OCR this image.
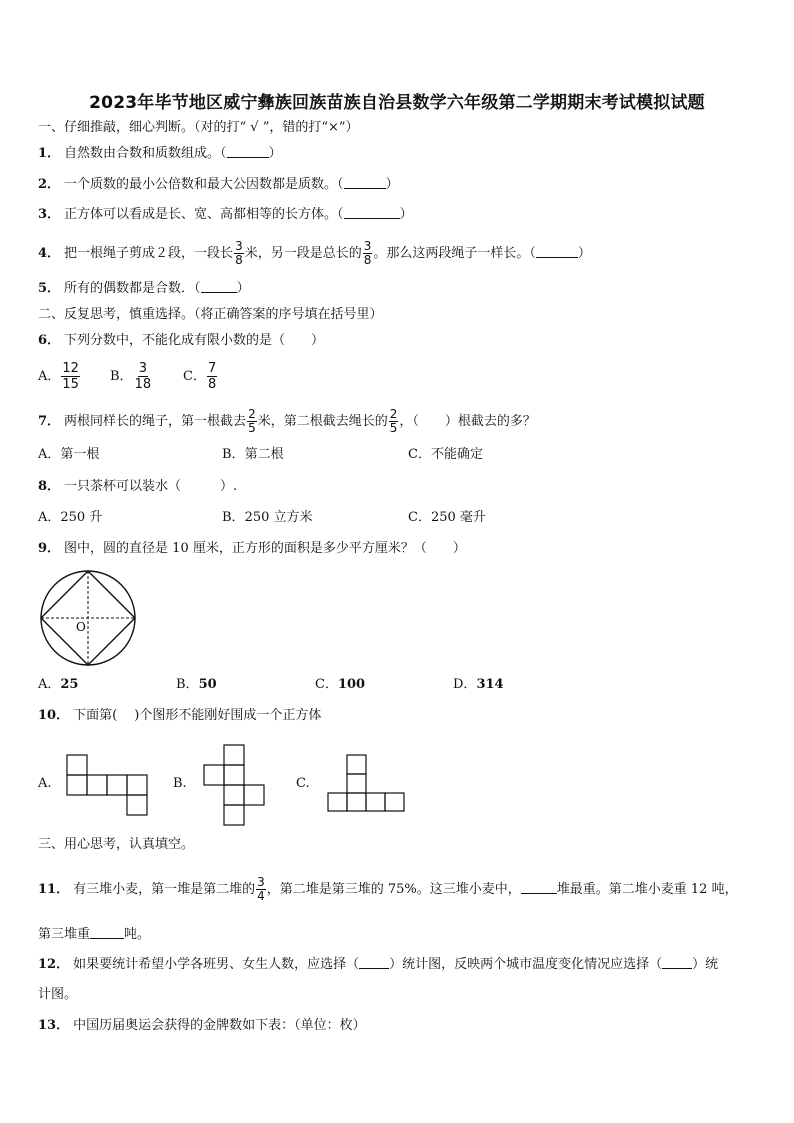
2023年毕节地区威宁彝族回族苗族自治县数学六年级第二学期期末考试模拟试题
一、仔细推敲，细心判断。（对的打“ √ ”，错的打“×”）
1． 自然数由合数和质数组成。（	）
2． 一个质数的最小公倍数和最大公因数都是质数。（	）
3． 正方体可以看成是长、宽、高都相等的长方体。（	）
4． 把一根绳子剪成２段，一段长 $\frac{3}{8}$ 米，另一段是总长的 $\frac{3}{8}$ 。那么这两段绳子一样长。（	）
5． 所有的偶数都是合数．（	）
二、反复思考，慎重选择。（将正确答案的序号填在括号里）
6． 下列分数中，不能化成有限小数的是（　　）
A． $\frac{12}{15}$ B． $\frac{3}{18}$ C． $\frac{7}{8}$
7． 两根同样长的绳子，第一根截去 $\frac{2}{5}$ 米，第二根截去绳长的 $\frac{2}{5}$ ，（　　）根截去的多？
A．第一根	B．第二根	C．不能确定
8． 一只茶杯可以装水（　　　）.
A．250 升	B．250 立方米	C．250 毫升
9． 图中，圆的直径是 10 厘米，正方形的面积是多少平方厘米？（　　）
O
A．25	B．50	C．100	D．314
10． 下面第(　 )个图形不能刚好围成一个正方体
A.	B.	C.
三、用心思考，认真填空。
11． 有三堆小麦，第一堆是第二堆的 $\frac{3}{4}$ ，第二堆是第三堆的 75%。这三堆小麦中，	堆最重。第二堆小麦重 12 吨，
第三堆重	吨。
12． 如果要统计希望小学各班男、女生人数，应选择（ ）统计图，反映两个城市温度变化情况应选择（ ）统
计图。
13． 中国历届奥运会获得的金牌数如下表：（单位：枚）
